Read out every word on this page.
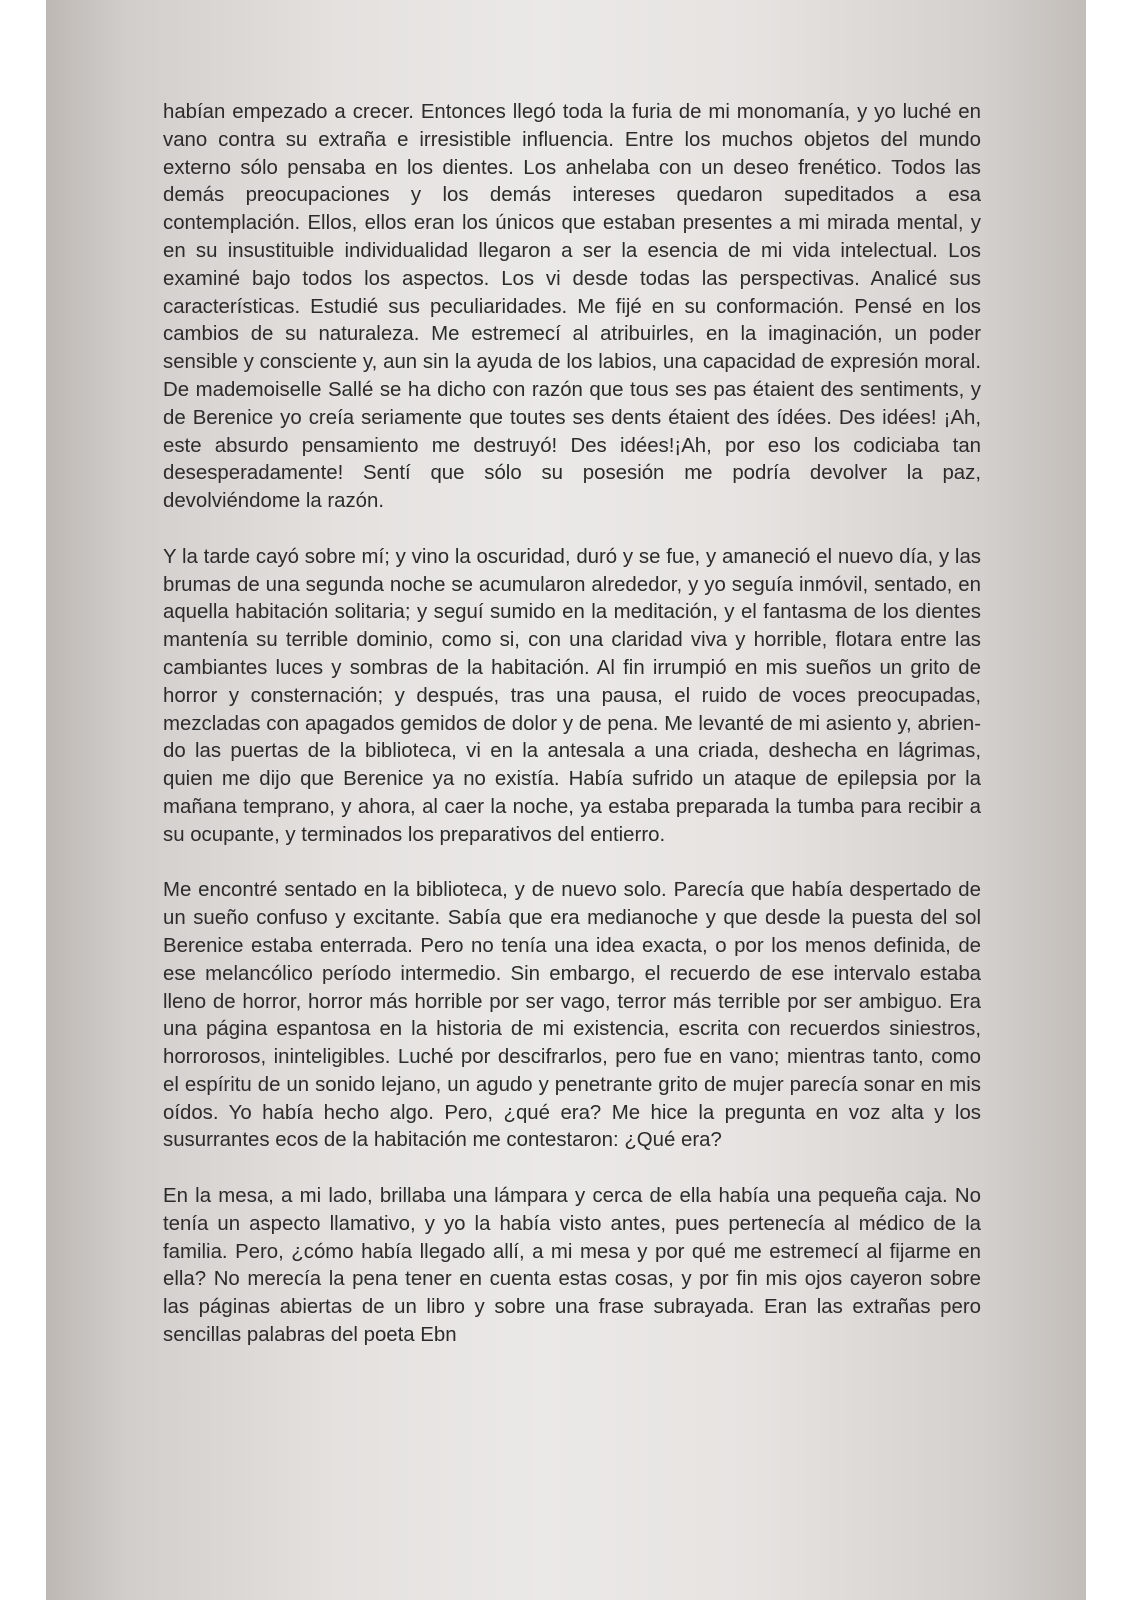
habían empezado a crecer. Entonces llegó toda la furia de mi monomanía, y yo luché en vano contra su extraña e irresistible influencia. Entre los muchos objetos del mundo externo sólo pensaba en los dientes. Los anhelaba con un deseo frenético. Todos las demás preocupaciones y los demás intereses quedaron supeditados a esa contemplación. Ellos, ellos eran los únicos que estaban presentes a mi mirada mental, y en su insustituible individualidad llegaron a ser la esencia de mi vida intelectual. Los examiné bajo todos los aspectos. Los vi desde todas las perspectivas. Analicé sus características. Estudié sus peculiaridades. Me fijé en su conformación. Pensé en los cambios de su naturaleza. Me estremecí al atribuirles, en la imaginación, un poder sensible y consciente y, aun sin la ayuda de los labios, una capacidad de expresión moral. De mademoiselle Sallé se ha dicho con razón que tous ses pas étaient des sentiments, y de Berenice yo creía seriamente que toutes ses dents étaient des ídées. Des idées! ¡Ah, este absurdo pensamiento me destruyó! Des idées!¡Ah, por eso los codiciaba tan desesperadamente! Sentí que sólo su posesión me podría devolver la paz, devolviéndome la razón.

Y la tarde cayó sobre mí; y vino la oscuridad, duró y se fue, y amaneció el nuevo día, y las brumas de una segunda noche se acumularon alrededor, y yo seguía inmóvil, sentado, en aquella habitación solitaria; y seguí sumido en la meditación, y el fantasma de los dientes mantenía su terrible dominio, como si, con una claridad viva y horrible, flotara entre las cambiantes luces y sombras de la habitación. Al fin irrumpió en mis sueños un grito de horror y consternación; y después, tras una pausa, el ruido de voces preocupadas, mezcladas con apagados gemidos de dolor y de pena. Me levanté de mi asiento y, abriendo las puertas de la biblioteca, vi en la antesala a una criada, deshecha en lágrimas, quien me dijo que Berenice ya no existía. Había sufrido un ataque de epilepsia por la mañana temprano, y ahora, al caer la noche, ya estaba preparada la tumba para recibir a su ocupante, y terminados los preparativos del entierro.

Me encontré sentado en la biblioteca, y de nuevo solo. Parecía que había despertado de un sueño confuso y excitante. Sabía que era medianoche y que desde la puesta del sol Berenice estaba enterrada. Pero no tenía una idea exacta, o por los menos definida, de ese melancólico período intermedio. Sin embargo, el recuerdo de ese intervalo estaba lleno de horror, horror más horrible por ser vago, terror más terrible por ser ambiguo. Era una página espantosa en la historia de mi existencia, escrita con recuerdos siniestros, horrorosos, ininteligibles. Luché por descifrarlos, pero fue en vano; mientras tanto, como el espíritu de un sonido lejano, un agudo y penetrante grito de mujer parecía sonar en mis oídos. Yo había hecho algo. Pero, ¿qué era? Me hice la pregunta en voz alta y los susurrantes ecos de la habitación me contestaron: ¿Qué era?

En la mesa, a mi lado, brillaba una lámpara y cerca de ella había una pequeña caja. No tenía un aspecto llamativo, y yo la había visto antes, pues pertenecía al médico de la familia. Pero, ¿cómo había llegado allí, a mi mesa y por qué me estremecí al fijarme en ella? No merecía la pena tener en cuenta estas cosas, y por fin mis ojos cayeron sobre las páginas abiertas de un libro y sobre una frase subrayada. Eran las extrañas pero sencillas palabras del poeta Ebn
